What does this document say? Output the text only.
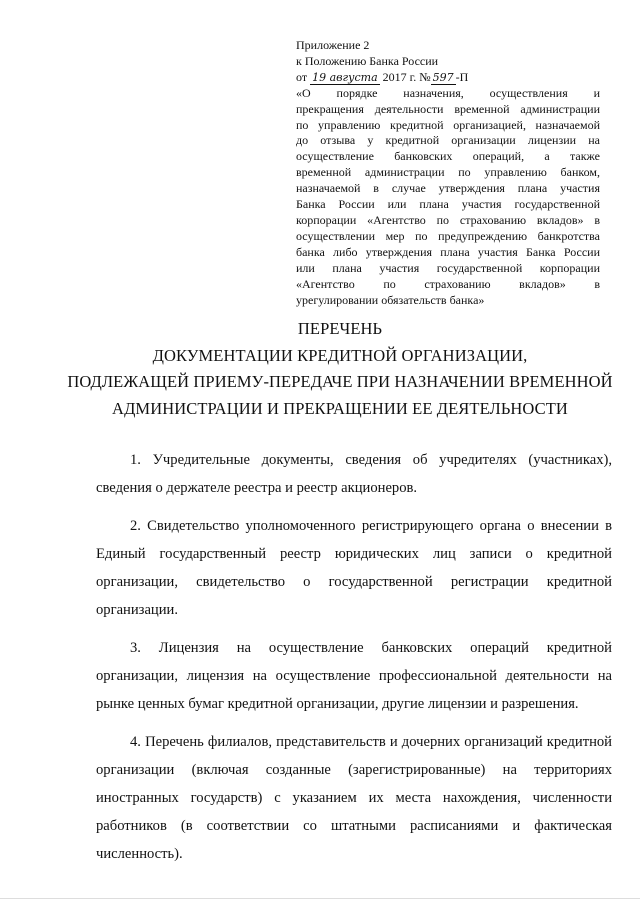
Приложение 2
к Положению Банка России
от 19 августа 2017 г. № 597 -П
«О порядке назначения, осуществления и
прекращения деятельности временной администрации
по управлению кредитной организацией, назначаемой
до отзыва у кредитной организации лицензии на
осуществление банковских операций, а также
временной администрации по управлению банком,
назначаемой в случае утверждения плана участия
Банка России или плана участия государственной
корпорации «Агентство по страхованию вкладов» в
осуществлении мер по предупреждению банкротства
банка либо утверждения плана участия Банка России
или плана участия государственной корпорации
«Агентство по страхованию вкладов» в
урегулировании обязательств банка»
ПЕРЕЧЕНЬ
ДОКУМЕНТАЦИИ КРЕДИТНОЙ ОРГАНИЗАЦИИ,
ПОДЛЕЖАЩЕЙ ПРИЕМУ-ПЕРЕДАЧЕ ПРИ НАЗНАЧЕНИИ ВРЕМЕННОЙ
АДМИНИСТРАЦИИ И ПРЕКРАЩЕНИИ ЕЕ ДЕЯТЕЛЬНОСТИ

1. Учредительные документы, сведения об учредителях (участниках), сведения о держателе реестра и реестр акционеров.

2. Свидетельство уполномоченного регистрирующего органа о внесении в Единый государственный реестр юридических лиц записи о кредитной организации, свидетельство о государственной регистрации кредитной организации.

3. Лицензия на осуществление банковских операций кредитной организации, лицензия на осуществление профессиональной деятельности на рынке ценных бумаг кредитной организации, другие лицензии и разрешения.

4. Перечень филиалов, представительств и дочерних организаций кредитной организации (включая созданные (зарегистрированные) на территориях иностранных государств) с указанием их места нахождения, численности работников (в соответствии со штатными расписаниями и фактическая численность).
